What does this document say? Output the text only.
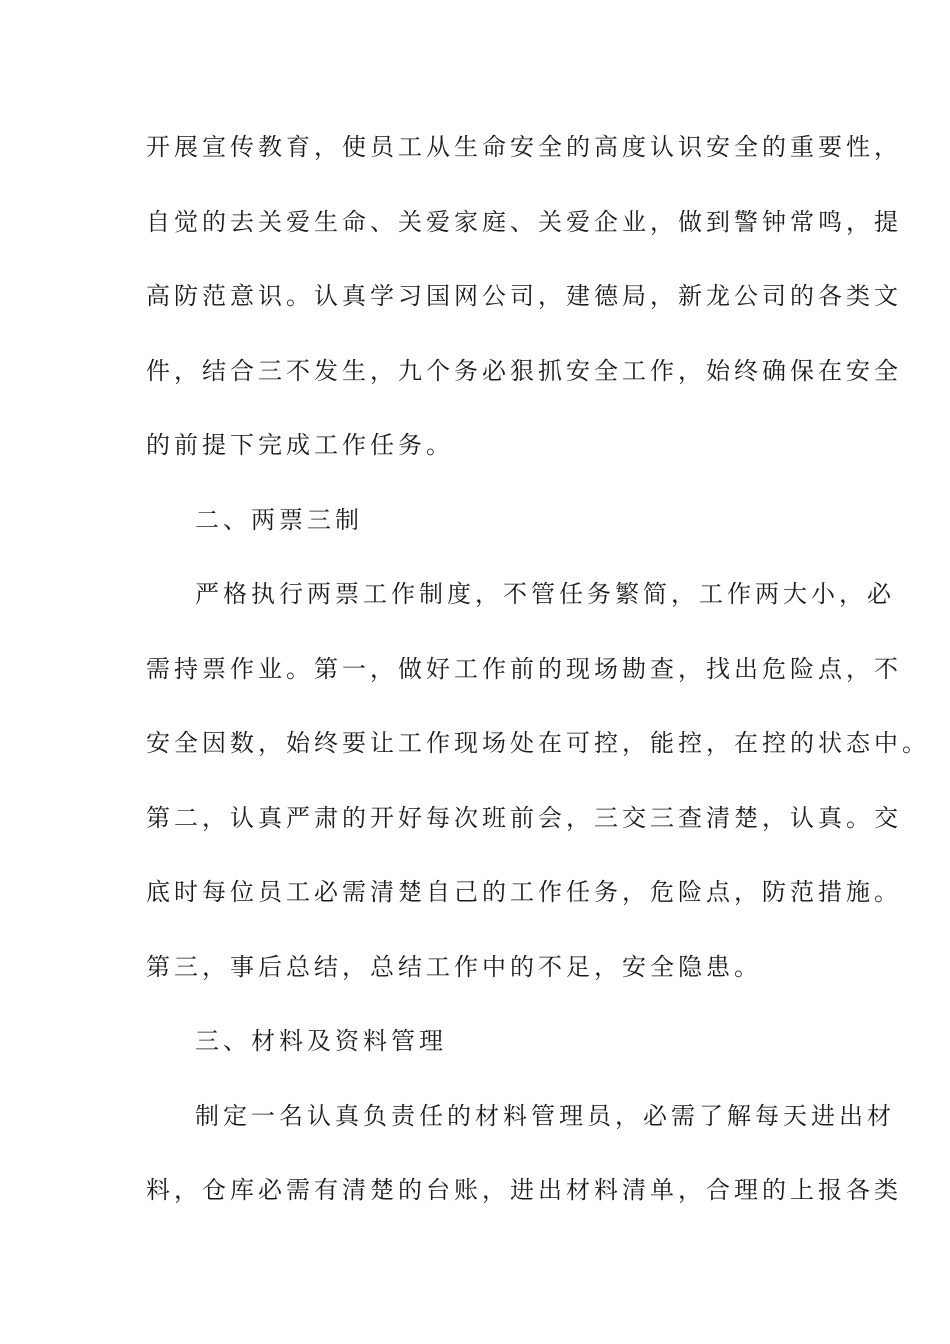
开展宣传教育，使员工从生命安全的高度认识安全的重要性，
自觉的去关爱生命、关爱家庭、关爱企业，做到警钟常鸣，提
高防范意识。认真学习国网公司，建德局，新龙公司的各类文
件，结合三不发生，九个务必狠抓安全工作，始终确保在安全
的前提下完成工作任务。
二、两票三制
严格执行两票工作制度，不管任务繁简，工作两大小，必
需持票作业。第一，做好工作前的现场勘查，找出危险点，不
安全因数，始终要让工作现场处在可控，能控，在控的状态中。
第二，认真严肃的开好每次班前会，三交三查清楚，认真。交
底时每位员工必需清楚自己的工作任务，危险点，防范措施。
第三，事后总结，总结工作中的不足，安全隐患。
三、材料及资料管理
制定一名认真负责任的材料管理员，必需了解每天进出材
料，仓库必需有清楚的台账，进出材料清单，合理的上报各类
